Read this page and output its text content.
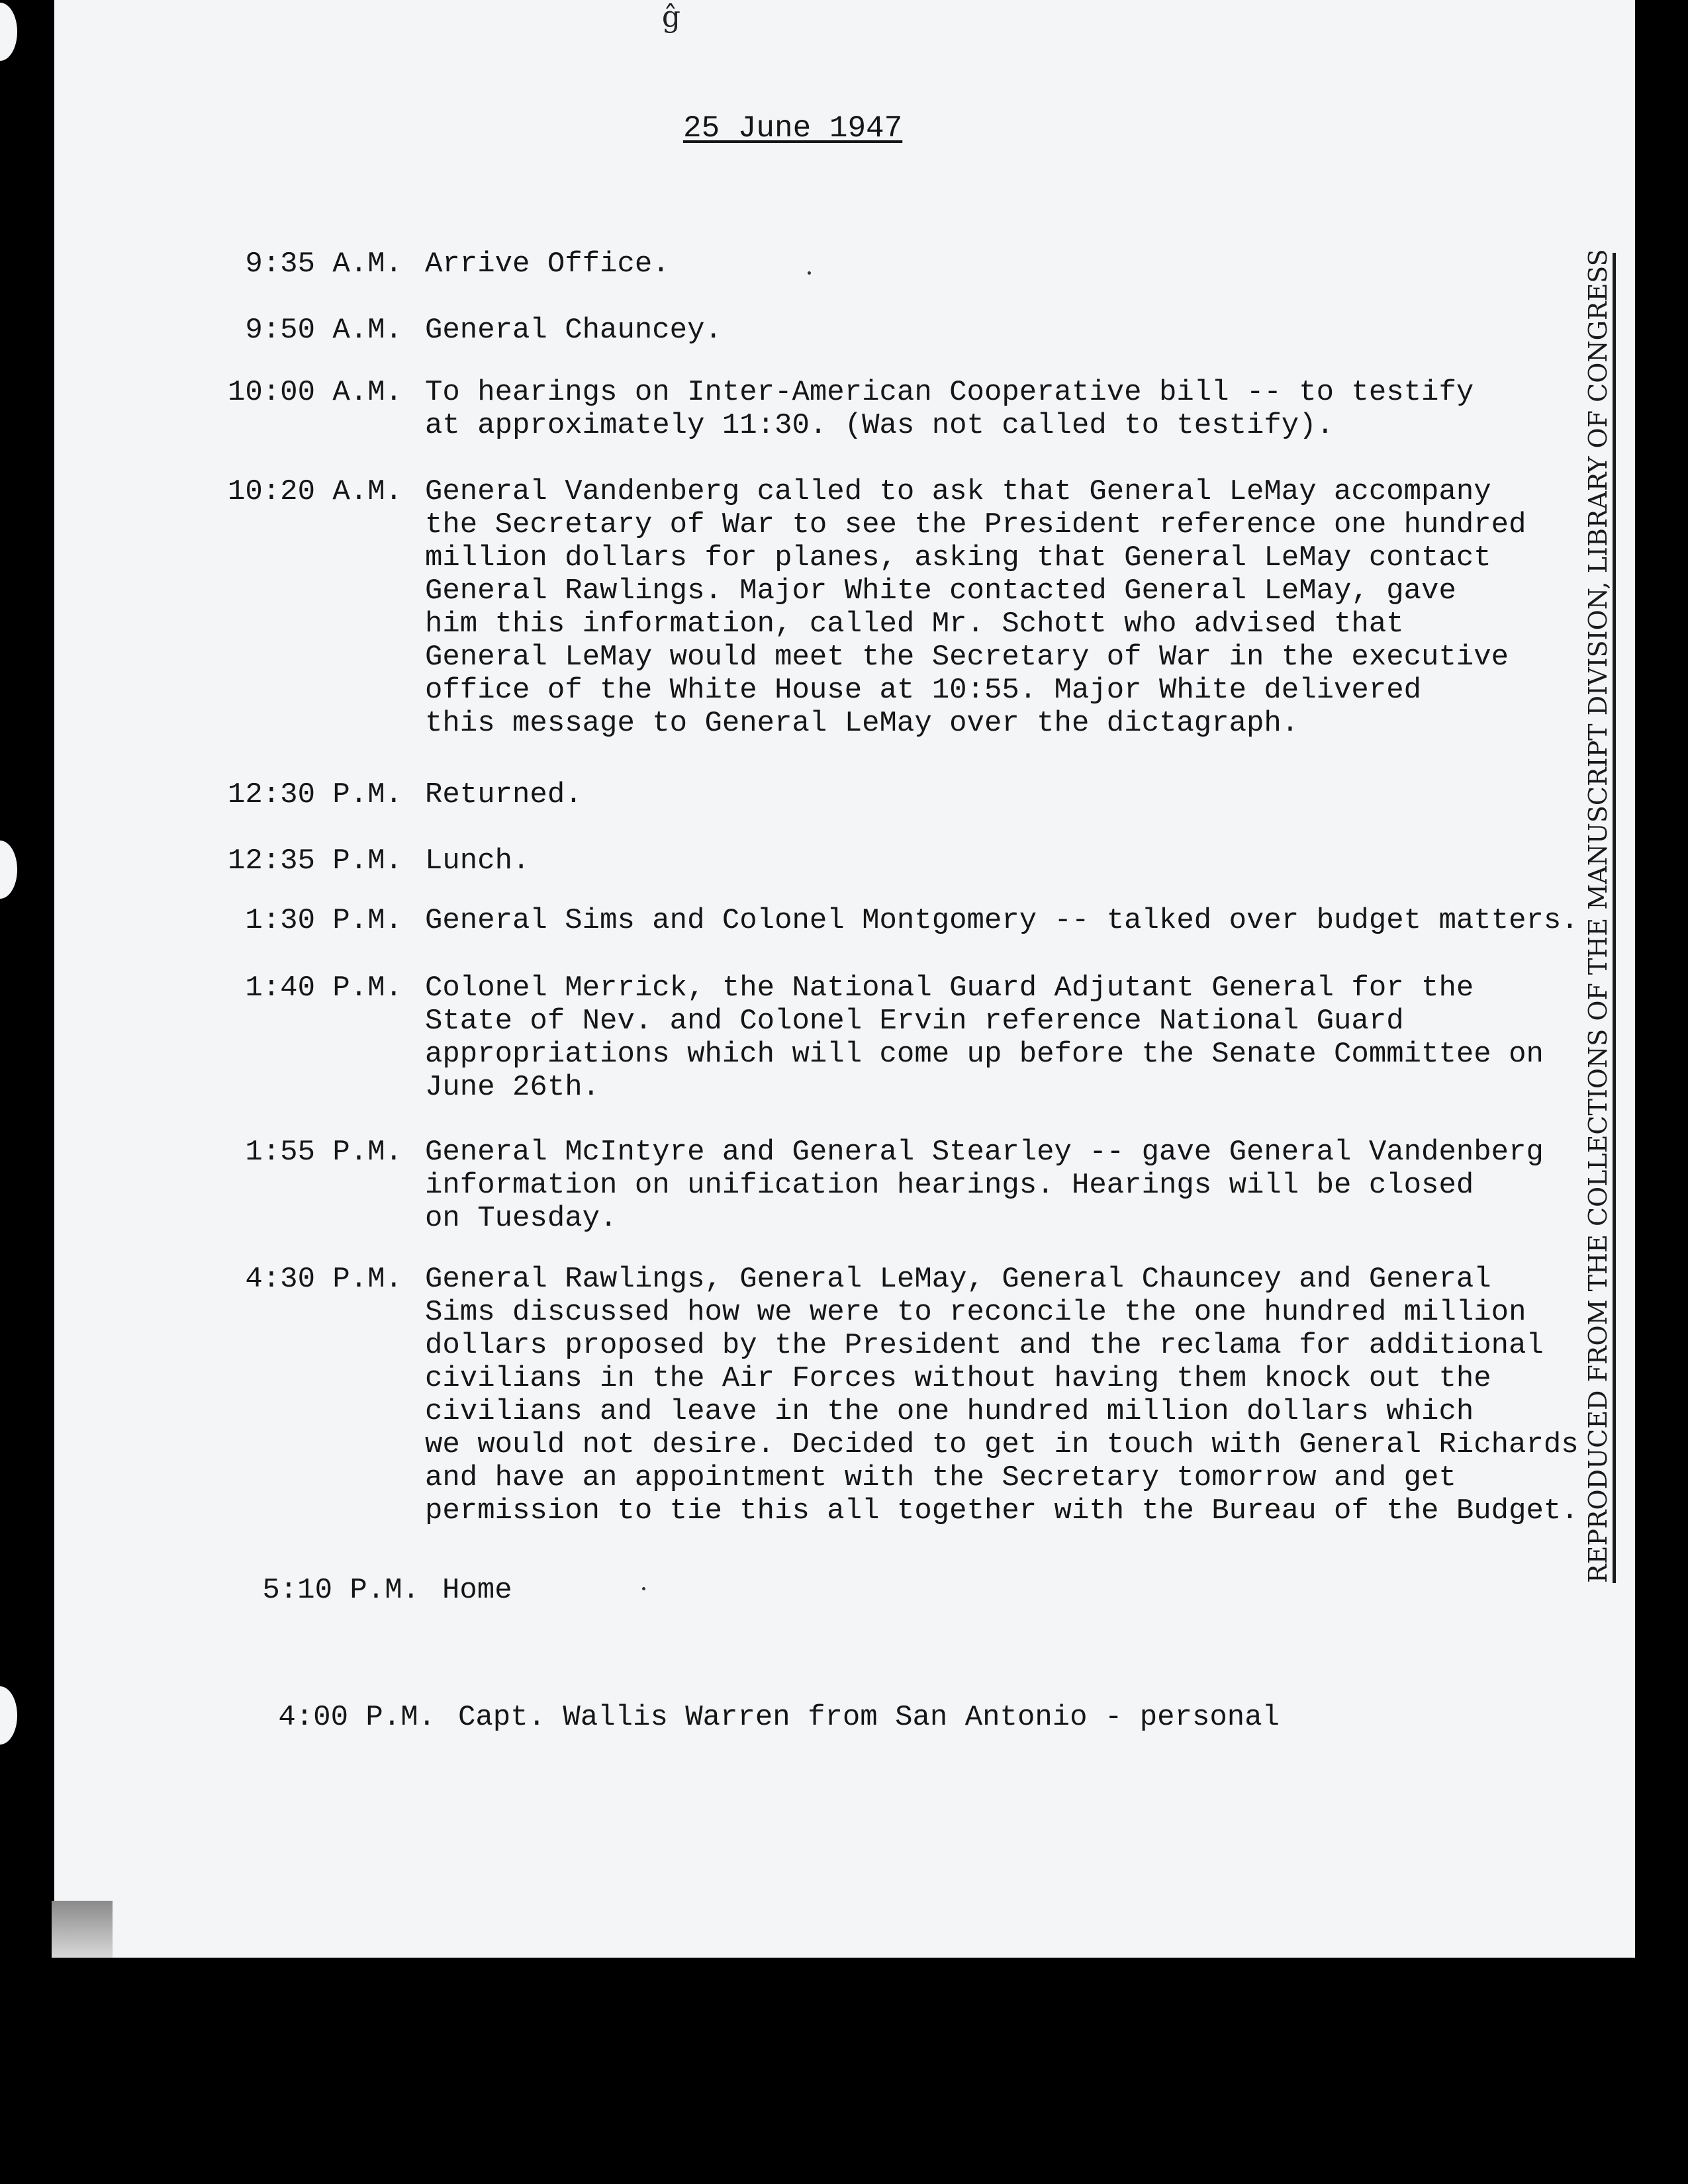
ĝ
25 June 1947
9:35 A.M. Arrive Office.
9:50 A.M. General Chauncey.
10:00 A.M. To hearings on Inter-American Cooperative bill -- to testify
at approximately 11:30. (Was not called to testify).
10:20 A.M. General Vandenberg called to ask that General LeMay accompany
the Secretary of War to see the President reference one hundred
million dollars for planes, asking that General LeMay contact
General Rawlings. Major White contacted General LeMay, gave
him this information, called Mr. Schott who advised that
General LeMay would meet the Secretary of War in the executive
office of the White House at 10:55. Major White delivered
this message to General LeMay over the dictagraph.
12:30 P.M. Returned.
12:35 P.M. Lunch.
1:30 P.M. General Sims and Colonel Montgomery -- talked over budget matters.
1:40 P.M. Colonel Merrick, the National Guard Adjutant General for the
State of Nev. and Colonel Ervin reference National Guard
appropriations which will come up before the Senate Committee on
June 26th.
1:55 P.M. General McIntyre and General Stearley -- gave General Vandenberg
information on unification hearings. Hearings will be closed
on Tuesday.
4:30 P.M. General Rawlings, General LeMay, General Chauncey and General
Sims discussed how we were to reconcile the one hundred million
dollars proposed by the President and the reclama for additional
civilians in the Air Forces without having them knock out the
civilians and leave in the one hundred million dollars which
we would not desire. Decided to get in touch with General Richards
and have an appointment with the Secretary tomorrow and get
permission to tie this all together with the Bureau of the Budget.
5:10 P.M. Home
4:00 P.M. Capt. Wallis Warren from San Antonio - personal
REPRODUCED FROM THE COLLECTIONS OF THE MANUSCRIPT DIVISION, LIBRARY OF CONGRESS
